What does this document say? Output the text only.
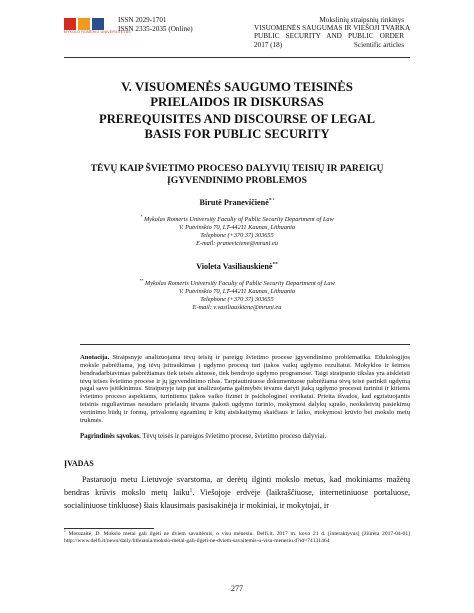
MYKOLO ROMERIO UNIVERSITETAS
ISSN 2029-1701
ISSN 2335-2035 (Online)
Mokslinių straipsnių rinkinys
VISUOMENĖS SAUGUMAS IR VIEŠOJI TVARKA
PUBLIC SECURITY AND PUBLIC ORDER
2017 (18)	Scientific articles
V. VISUOMENĖS SAUGUMO TEISINĖS
PRIELAIDOS IR DISKURSAS
PREREQUISITES AND DISCOURSE OF LEGAL
BASIS FOR PUBLIC SECURITY
TĖVŲ KAIP ŠVIETIMO PROCESO DALYVIŲ TEISIŲ IR PAREIGŲ
ĮGYVENDINIMO PROBLEMOS
Birutė Pranevičienė$^{* ^1}$
* Mykolas Romeris University Faculty of Public Security Department of Law
V. Putvinskio 70, LT-44211 Kaunas, Lithuania
Telephone (+370 37) 303655
E-mail: praneviciene@mruni.eu
Violeta Vasiliauskienė**
** Mykolas Romeris University Faculty of Public Security Department of Law
V. Putvinskio 70, LT-44211 Kaunas, Lithuania
Telephone (+370 37) 303655
E-mail: v.vasiliauskiene@mruni.eu
Anotacija. Straipsnyje analizuojama tėvų teisių ir pareigų švietimo procese įgyvendinimo problematika. Edukologijos moksle pabrėžiama, jog tėvų įsitraukimas į ugdymo procesą turi įtakos vaikų ugdymo rezultatui. Mokyklos ir šeimos bendradarbiavimas pabrėžiamas tiek teisės aktuose, tiek bendrojo ugdymo programose. Taigi straipsnio tikslas yra atskleisti tėvų teises švietimo procese ir jų įgyvendinimo ribas. Tarptautiniuose dokumentuose pabrėžiama tėvų teisė parinkti ugdymą pagal savo įsitikinimus. Straipsnyje taip pat analizuojama galimybės tėvams daryti įtaką ugdymo procesui turiniui ir kitiems švietimo proceso aspektams, turintiems įtakos vaiko fizinei ir psichologinei sveikatai. Prieita išvados, kad egzistuojantis teisinis reguliavimas nesudaro prielaidų tėvams įtakoti ugdymo turinio, mokymosi dalykų sąrašo, neoksleivių pasiekimų vertinimo būdų ir formų, privalomų egzaminų ir kitų atsiskaitymų skaičiaus ir laiko, mokymosi krūvio bei mokslo metų trukmės.
Pagrindinės sąvokos. Tėvų teisės ir pareigos švietimo procese, švietimo proceso dalyviai.
ĮVADAS

Pastaruoju metu Lietuvoje svarstoma, ar derėtų ilginti mokslo metus, kad mokiniams mažėtų bendras krūvis mokslo metų laiku$^1$. Viešojoje erdvėje (laikraščiuose, internetiniuose portaluose, socialiniuose tinkluose) šiais klausimais pasisakinėja ir mokiniai, ir mokytojai, ir

$^1$ Motuzaitė, D. Mokslo metai gali ilgėti ne dviem savaitėmis, o visu mėnesiu. Delfi.lt. 2017 m. kovo 21 d. [interaktyvus] [žiūrėta 2017-04-01] http://www.delfi.lt/news/daily/lithuania/mokslo-metai-gali-ilgeti-ne-dviem-savaitemis-o-visu-menesiu.d?id=74131464
277
